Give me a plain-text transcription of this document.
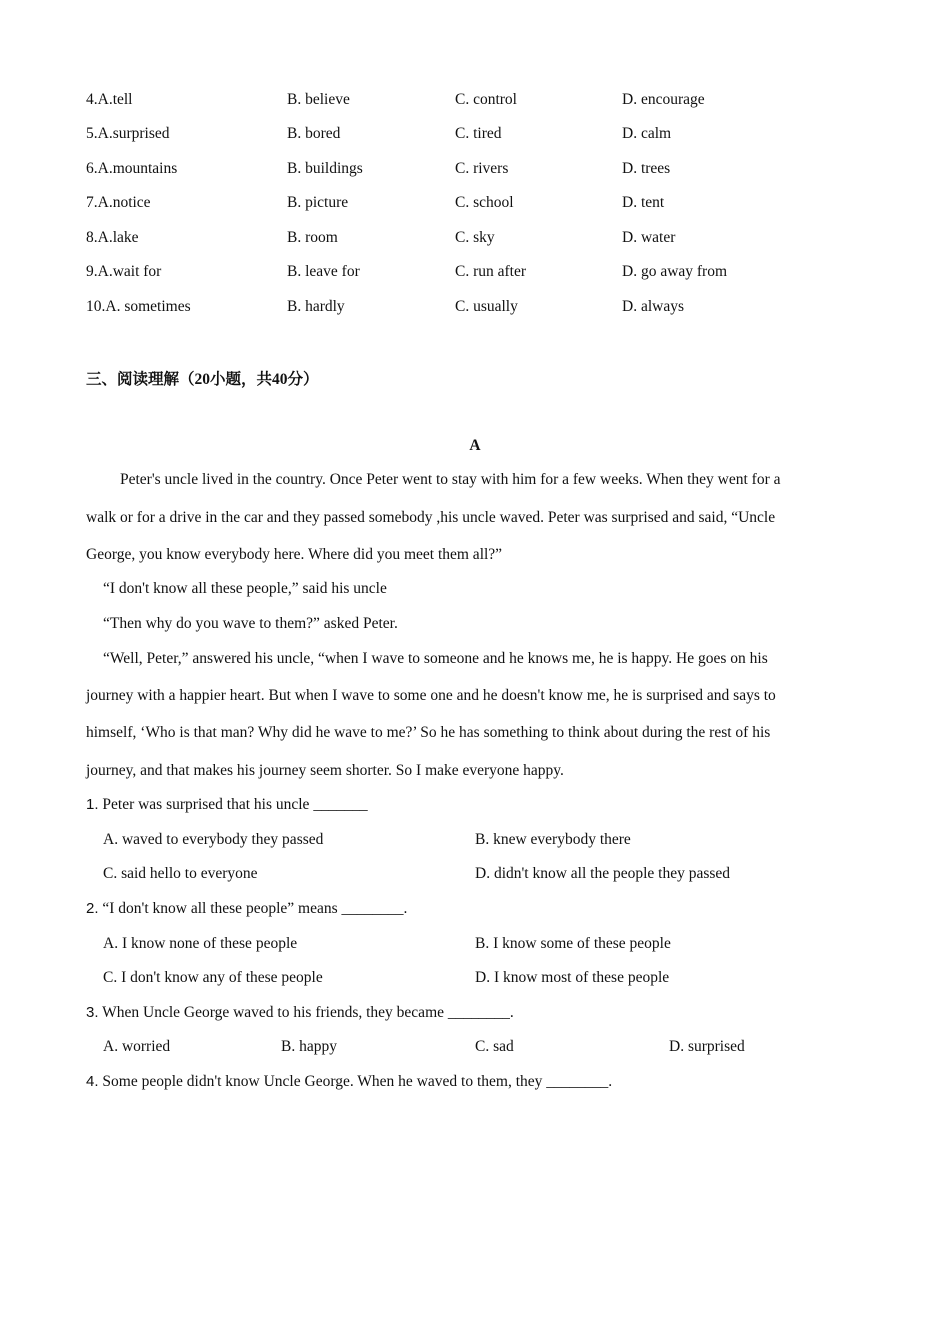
4.A.tell	B. believe	C. control	D. encourage
5.A.surprised	B. bored	C. tired	D. calm
6.A.mountains	B. buildings	C. rivers	D. trees
7.A.notice	B. picture	C. school	D. tent
8.A.lake	B. room	C. sky	D. water
9.A.wait for	B. leave for	C. run after	D. go away from
10.A. sometimes	B. hardly	C. usually	D. always
三、阅读理解（20小题，共40分）
A
Peter's uncle lived in the country. Once Peter went to stay with him for a few weeks. When they went for a
walk or for a drive in the car and they passed somebody ,his uncle waved. Peter was surprised and said, “Uncle
George, you know everybody here. Where did you meet them all?”
“I don't know all these people,” said his uncle
“Then why do you wave to them?” asked Peter.
“Well, Peter,” answered his uncle, “when I wave to someone and he knows me, he is happy. He goes on his
journey with a happier heart. But when I wave to some one and he doesn't know me, he is surprised and says to
himself, ‘Who is that man? Why did he wave to me?’ So he has something to think about during the rest of his
journey, and that makes his journey seem shorter. So I make everyone happy.
1. Peter was surprised that his uncle _______
A. waved to everybody they passed	B. knew everybody there
C. said hello to everyone	D. didn't know all the people they passed
2. “I don't know all these people” means ________.
A. I know none of these people	B. I know some of these people
C. I don't know any of these people	D. I know most of these people
3. When Uncle George waved to his friends, they became ________.
A. worried	B. happy	C. sad	D. surprised
4. Some people didn't know Uncle George. When he waved to them, they ________.
